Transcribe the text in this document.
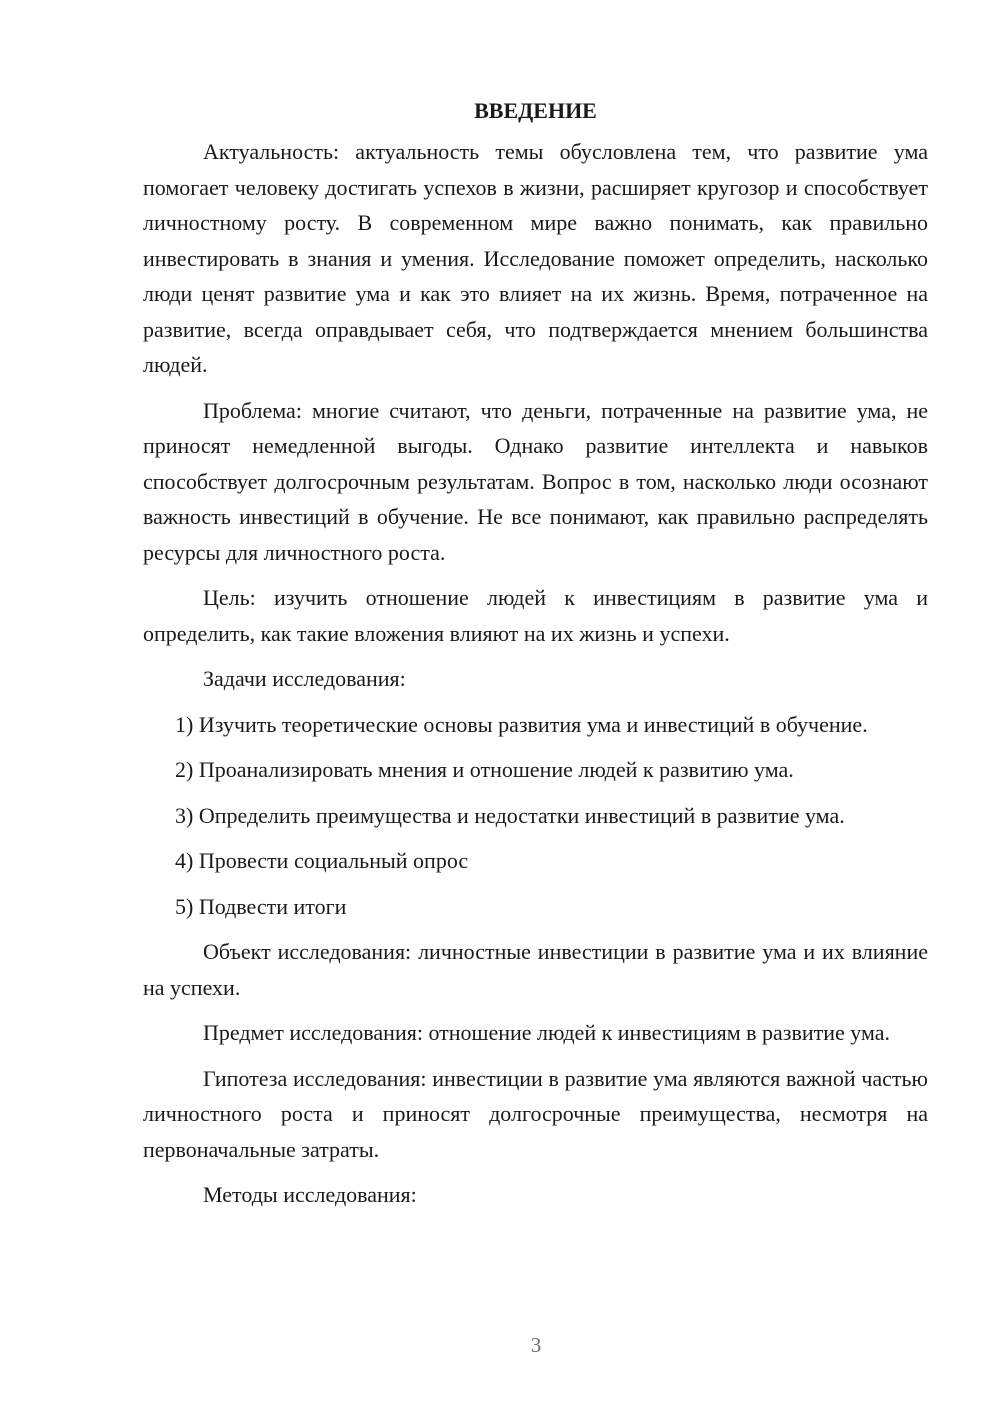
ВВЕДЕНИЕ

Актуальность: актуальность темы обусловлена тем, что развитие ума помогает человеку достигать успехов в жизни, расширяет кругозор и способствует личностному росту. В современном мире важно понимать, как правильно инвестировать в знания и умения. Исследование поможет определить, насколько люди ценят развитие ума и как это влияет на их жизнь. Время, потраченное на развитие, всегда оправдывает себя, что подтверждается мнением большинства людей.

Проблема: многие считают, что деньги, потраченные на развитие ума, не приносят немедленной выгоды. Однако развитие интеллекта и навыков способствует долгосрочным результатам. Вопрос в том, насколько люди осознают важность инвестиций в обучение. Не все понимают, как правильно распределять ресурсы для личностного роста.

Цель: изучить отношение людей к инвестициям в развитие ума и определить, как такие вложения влияют на их жизнь и успехи.

Задачи исследования:

1) Изучить теоретические основы развития ума и инвестиций в обучение.

2) Проанализировать мнения и отношение людей к развитию ума.

3) Определить преимущества и недостатки инвестиций в развитие ума.

4) Провести социальный опрос

5) Подвести итоги

Объект исследования: личностные инвестиции в развитие ума и их влияние на успехи.

Предмет исследования: отношение людей к инвестициям в развитие ума.

Гипотеза исследования: инвестиции в развитие ума являются важной частью личностного роста и приносят долгосрочные преимущества, несмотря на первоначальные затраты.

Методы исследования:

3
